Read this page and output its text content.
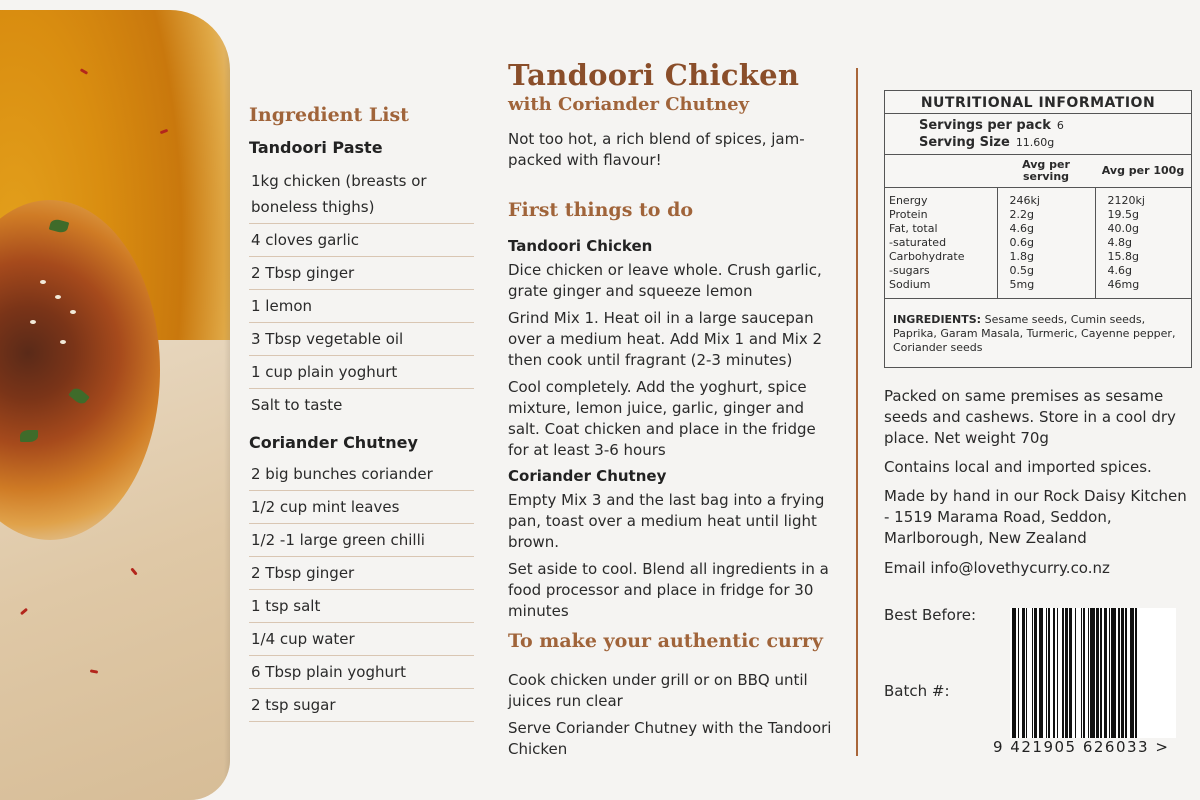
Ingredient List
Tandoori Paste
1kg chicken (breasts or boneless thighs)
4 cloves garlic
2 Tbsp ginger
1 lemon
3 Tbsp vegetable oil
1 cup plain yoghurt
Salt to taste
Coriander Chutney
2 big bunches coriander
1/2 cup mint leaves
1/2 -1 large green chilli
2 Tbsp ginger
1 tsp salt
1/4 cup water
6 Tbsp plain yoghurt
2 tsp sugar
Tandoori Chicken
with Coriander Chutney
Not too hot, a rich blend of spices, jam-packed with flavour!
First things to do
Tandoori Chicken
Dice chicken or leave whole. Crush garlic, grate ginger and squeeze lemon
Grind Mix 1. Heat oil in a large saucepan over a medium heat. Add Mix 1 and Mix 2 then cook until fragrant (2-3 minutes)
Cool completely. Add the yoghurt, spice mixture, lemon juice, garlic, ginger and salt. Coat chicken and place in the fridge for at least 3-6 hours
Coriander Chutney
Empty Mix 3 and the last bag into a frying pan, toast over a medium heat until light brown.
Set aside to cool. Blend all ingredients in a food processor and place in fridge for 30 minutes
To make your authentic curry
Cook chicken under grill or on BBQ until juices run clear
Serve Coriander Chutney with the Tandoori Chicken
NUTRITIONAL INFORMATION
Servings per pack 6
Serving Size 11.60g
	Avg per serving	Avg per 100g
Energy	246kj	2120kj
Protein	2.2g	19.5g
Fat, total	4.6g	40.0g
-saturated	0.6g	4.8g
Carbohydrate	1.8g	15.8g
-sugars	0.5g	4.6g
Sodium	5mg	46mg
INGREDIENTS: Sesame seeds, Cumin seeds, Paprika, Garam Masala, Turmeric, Cayenne pepper, Coriander seeds
Packed on same premises as sesame seeds and cashews. Store in a cool dry place. Net weight 70g
Contains local and imported spices.
Made by hand in our Rock Daisy Kitchen - 1519 Marama Road, Seddon, Marlborough, New Zealand
Email info@lovethycurry.co.nz
Best Before:
Batch #:
9 421905 626033 >
